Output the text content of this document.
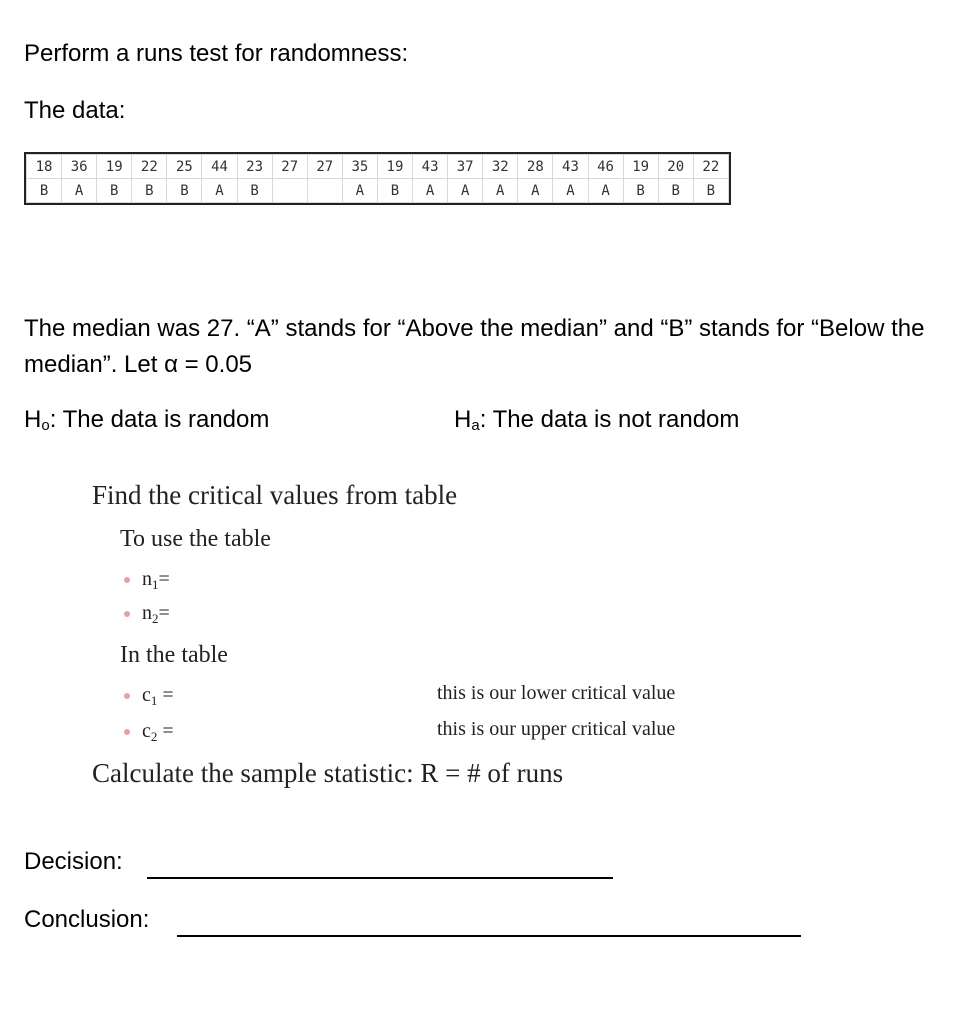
Perform a runs test for randomness:
The data:
18	36	19	22	25	44	23	27	27	35	19	43	37	32	28	43	46	19	20	22
B	A	B	B	B	A	B			A	B	A	A	A	A	A	A	B	B	B
The median was 27. “A” stands for “Above the median” and “B” stands for “Below the median”. Let α = 0.05
$H_o$: The data is random	$H_a$: The data is not random
Find the critical values from table
To use the table
$n_1=$
$n_2=$
In the table
$c_1$ =	this is our lower critical value
$c_2$ =	this is our upper critical value
Calculate the sample statistic: R = # of runs
Decision:
Conclusion:
